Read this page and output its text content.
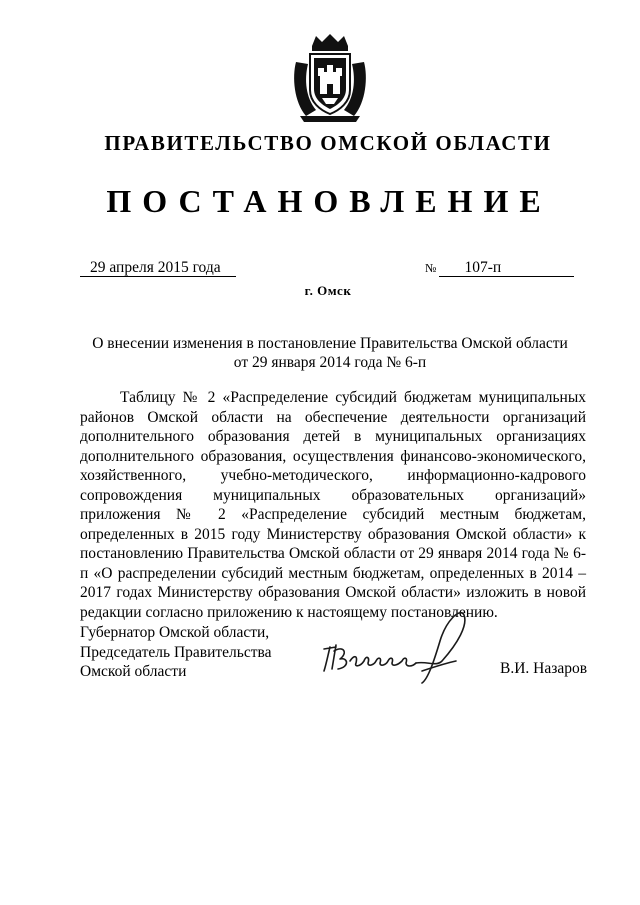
ПРАВИТЕЛЬСТВО ОМСКОЙ ОБЛАСТИ
ПОСТАНОВЛЕНИЕ
29 апреля 2015 года	№ 107-п
г. Омск
О внесении изменения в постановление Правительства Омской области
от 29 января 2014 года № 6-п

Таблицу № 2 «Распределение субсидий бюджетам муниципальных районов Омской области на обеспечение деятельности организаций дополнительного образования детей в муниципальных организациях дополнительного образования, осуществления финансово-экономического, хозяйственного, учебно-методического, информационно-кадрового сопровождения муниципальных образовательных организаций» приложения № 2 «Распределение субсидий местным бюджетам, определенных в 2015 году Министерству образования Омской области» к постановлению Правительства Омской области от 29 января 2014 года № 6-п «О распределении субсидий местным бюджетам, определенных в 2014 – 2017 годах Министерству образования Омской области» изложить в новой редакции согласно приложению к настоящему постановлению.

Губернатор Омской области,
Председатель Правительства
Омской области	В.И. Назаров
